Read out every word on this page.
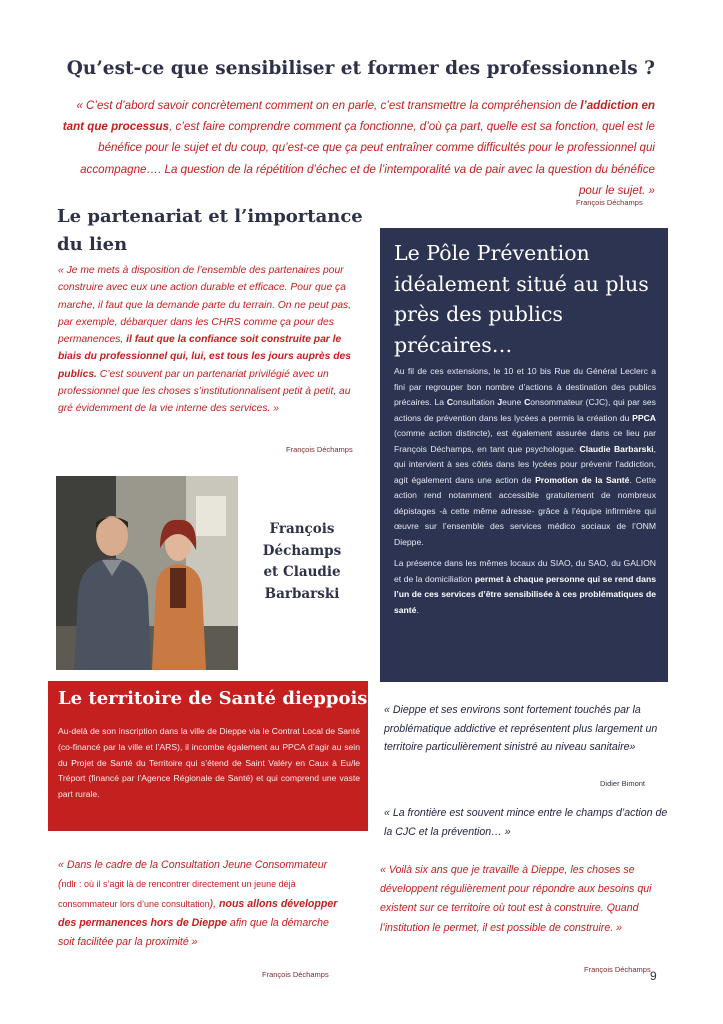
Qu’est-ce que sensibiliser et former des professionnels ?

« C’est d’abord savoir concrètement comment on en parle, c’est transmettre la compréhension de l’addiction en tant que processus, c’est faire comprendre comment ça fonctionne, d’où ça part, quelle est sa fonction, quel est le bénéfice pour le sujet et du coup, qu’est-ce que ça peut entraîner comme difficultés pour le professionnel qui accompagne…. La question de la répétition d’échec et de l’intemporalité va de pair avec la question du bénéfice pour le sujet. »

François Déchamps
Le partenariat et l’importance du lien

« Je me mets à disposition de l’ensemble des partenaires pour construire avec eux une action durable et efficace. Pour que ça marche, il faut que la demande parte du terrain. On ne peut pas, par exemple, débarquer dans les CHRS comme ça pour des permanences, il faut que la confiance soit construite par le biais du professionnel qui, lui, est tous les jours auprès des publics. C’est souvent par un partenariat privilégié avec un professionnel que les choses s’institutionnalisent petit à petit, au gré évidemment de la vie interne des services. »

François Déchamps
François
Déchamps
et Claudie
Barbarski
Le Pôle Prévention idéalement situé au plus près des publics précaires…

Au fil de ces extensions, le 10 et 10 bis Rue du Général Leclerc a fini par regrouper bon nombre d’actions à destination des publics précaires. La Consultation Jeune Consommateur (CJC), qui par ses actions de prévention dans les lycées a permis la création du PPCA (comme action distincte), est également assurée dans ce lieu par François Déchamps, en tant que psychologue. Claudie Barbarski, qui intervient à ses côtés dans les lycées pour prévenir l’addiction, agit également dans une action de Promotion de la Santé. Cette action rend notamment accessible gratuitement de nombreux dépistages -à cette même adresse- grâce à l’équipe infirmière qui œuvre sur l’ensemble des services médico sociaux de l’ONM Dieppe.

La présence dans les mêmes locaux du SIAO, du SAO, du GALION et de la domiciliation permet à chaque personne qui se rend dans l’un de ces services d’être sensibilisée à ces problématiques de santé.

Le territoire de Santé dieppois
Au-delà de son inscription dans la ville de Dieppe via le Contrat Local de Santé (co-financé par la ville et l’ARS), il incombe également au PPCA d’agir au sein du Projet de Santé du Territoire qui s’étend de Saint Valéry en Caux à Eu/le Tréport (financé par l’Agence Régionale de Santé) et qui comprend une vaste part rurale.

« Dieppe et ses environs sont fortement touchés par la problématique addictive et représentent plus largement un territoire particulièrement sinistré au niveau sanitaire»

Didier Bimont

« La frontière est souvent mince entre le champs d’action de la CJC et la prévention… »

« Dans le cadre de la Consultation Jeune Consommateur (ndlr : où il s’agit là de rencontrer directement un jeune déjà consommateur lors d’une consultation), nous allons développer des permanences hors de Dieppe afin que la démarche soit facilitée par la proximité »

François Déchamps

« Voilà six ans que je travaille à Dieppe, les choses se développent régulièrement pour répondre aux besoins qui existent sur ce territoire où tout est à construire. Quand l’institution le permet, il est possible de construire. »

François Déchamps 9
